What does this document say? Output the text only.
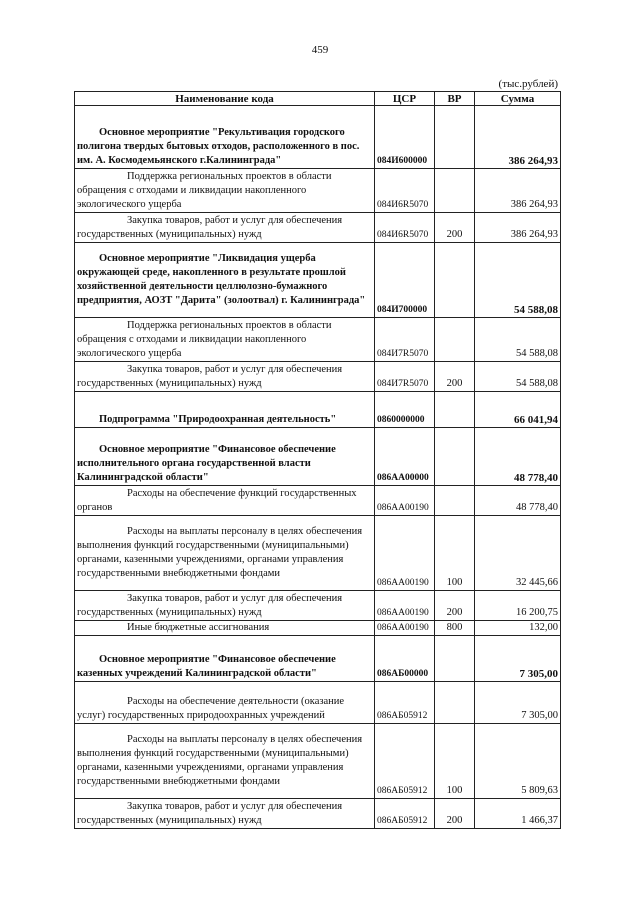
459
(тыс.рублей)
Наименование кода	ЦСР	ВР	Сумма

Основное мероприятие "Рекультивация городского полигона твердых бытовых отходов, расположенного в пос. им. А. Космодемьянского г.Калининграда"	084И600000		386 264,93

Поддержка региональных проектов в области обращения с отходами и ликвидации накопленного экологического ущерба	084И6R5070		386 264,93

Закупка товаров, работ и услуг для обеспечения государственных (муниципальных) нужд	084И6R5070	200	386 264,93

Основное мероприятие "Ликвидация ущерба окружающей среде, накопленного в результате прошлой хозяйственной деятельности целлюлозно-бумажного предприятия, АОЗТ "Дарита" (золоотвал) г. Калининграда"	084И700000		54 588,08

Поддержка региональных проектов в области обращения с отходами и ликвидации накопленного экологического ущерба	084И7R5070		54 588,08

Закупка товаров, работ и услуг для обеспечения государственных (муниципальных) нужд	084И7R5070	200	54 588,08

Подпрограмма "Природоохранная деятельность"	0860000000		66 041,94

Основное мероприятие "Финансовое обеспечение исполнительного органа государственной власти Калининградской области"	086АА00000		48 778,40

Расходы на обеспечение функций государственных органов	086АА00190		48 778,40

Расходы на выплаты персоналу в целях обеспечения выполнения функций государственными (муниципальными) органами, казенными учреждениями, органами управления государственными внебюджетными фондами	086АА00190	100	32 445,66

Закупка товаров, работ и услуг для обеспечения государственных (муниципальных) нужд	086АА00190	200	16 200,75

Иные бюджетные ассигнования	086АА00190	800	132,00

Основное мероприятие "Финансовое обеспечение казенных учреждений Калининградской области"	086АБ00000		7 305,00

Расходы на обеспечение деятельности (оказание услуг) государственных природоохранных учреждений	086АБ05912		7 305,00

Расходы на выплаты персоналу в целях обеспечения выполнения функций государственными (муниципальными) органами, казенными учреждениями, органами управления государственными внебюджетными фондами	086АБ05912	100	5 809,63

Закупка товаров, работ и услуг для обеспечения государственных (муниципальных) нужд	086АБ05912	200	1 466,37
